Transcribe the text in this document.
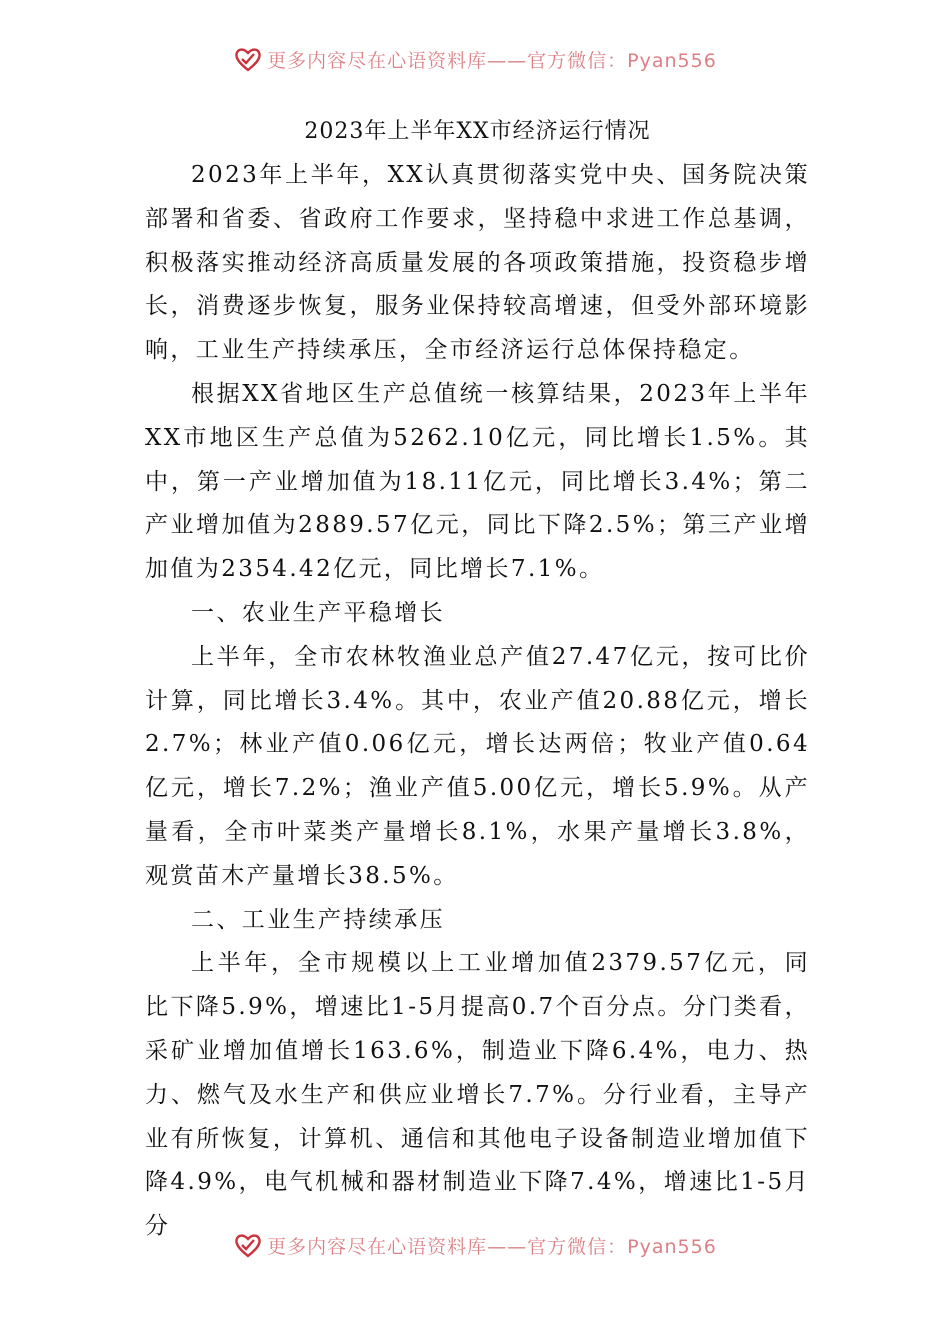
更多内容尽在心语资料库——官方微信：Pyan556
2023年上半年XX市经济运行情况

2023年上半年，XX认真贯彻落实党中央、国务院决策部署和省委、省政府工作要求，坚持稳中求进工作总基调，积极落实推动经济高质量发展的各项政策措施，投资稳步增长，消费逐步恢复，服务业保持较高增速，但受外部环境影响，工业生产持续承压，全市经济运行总体保持稳定。

根据XX省地区生产总值统一核算结果，2023年上半年XX市地区生产总值为5262.10亿元，同比增长1.5%。其中，第一产业增加值为18.11亿元，同比增长3.4%；第二产业增加值为2889.57亿元，同比下降2.5%；第三产业增加值为2354.42亿元，同比增长7.1%。

一、农业生产平稳增长

上半年，全市农林牧渔业总产值27.47亿元，按可比价计算，同比增长3.4%。其中，农业产值20.88亿元，增长2.7%；林业产值0.06亿元，增长达两倍；牧业产值0.64亿元，增长7.2%；渔业产值5.00亿元，增长5.9%。从产量看，全市叶菜类产量增长8.1%，水果产量增长3.8%，观赏苗木产量增长38.5%。

二、工业生产持续承压

上半年，全市规模以上工业增加值2379.57亿元，同比下降5.9%，增速比1-5月提高0.7个百分点。分门类看，采矿业增加值增长163.6%，制造业下降6.4%，电力、热力、燃气及水生产和供应业增长7.7%。分行业看，主导产业有所恢复，计算机、通信和其他电子设备制造业增加值下降4.9%，电气机械和器材制造业下降7.4%，增速比1-5月分

更多内容尽在心语资料库——官方微信：Pyan556
